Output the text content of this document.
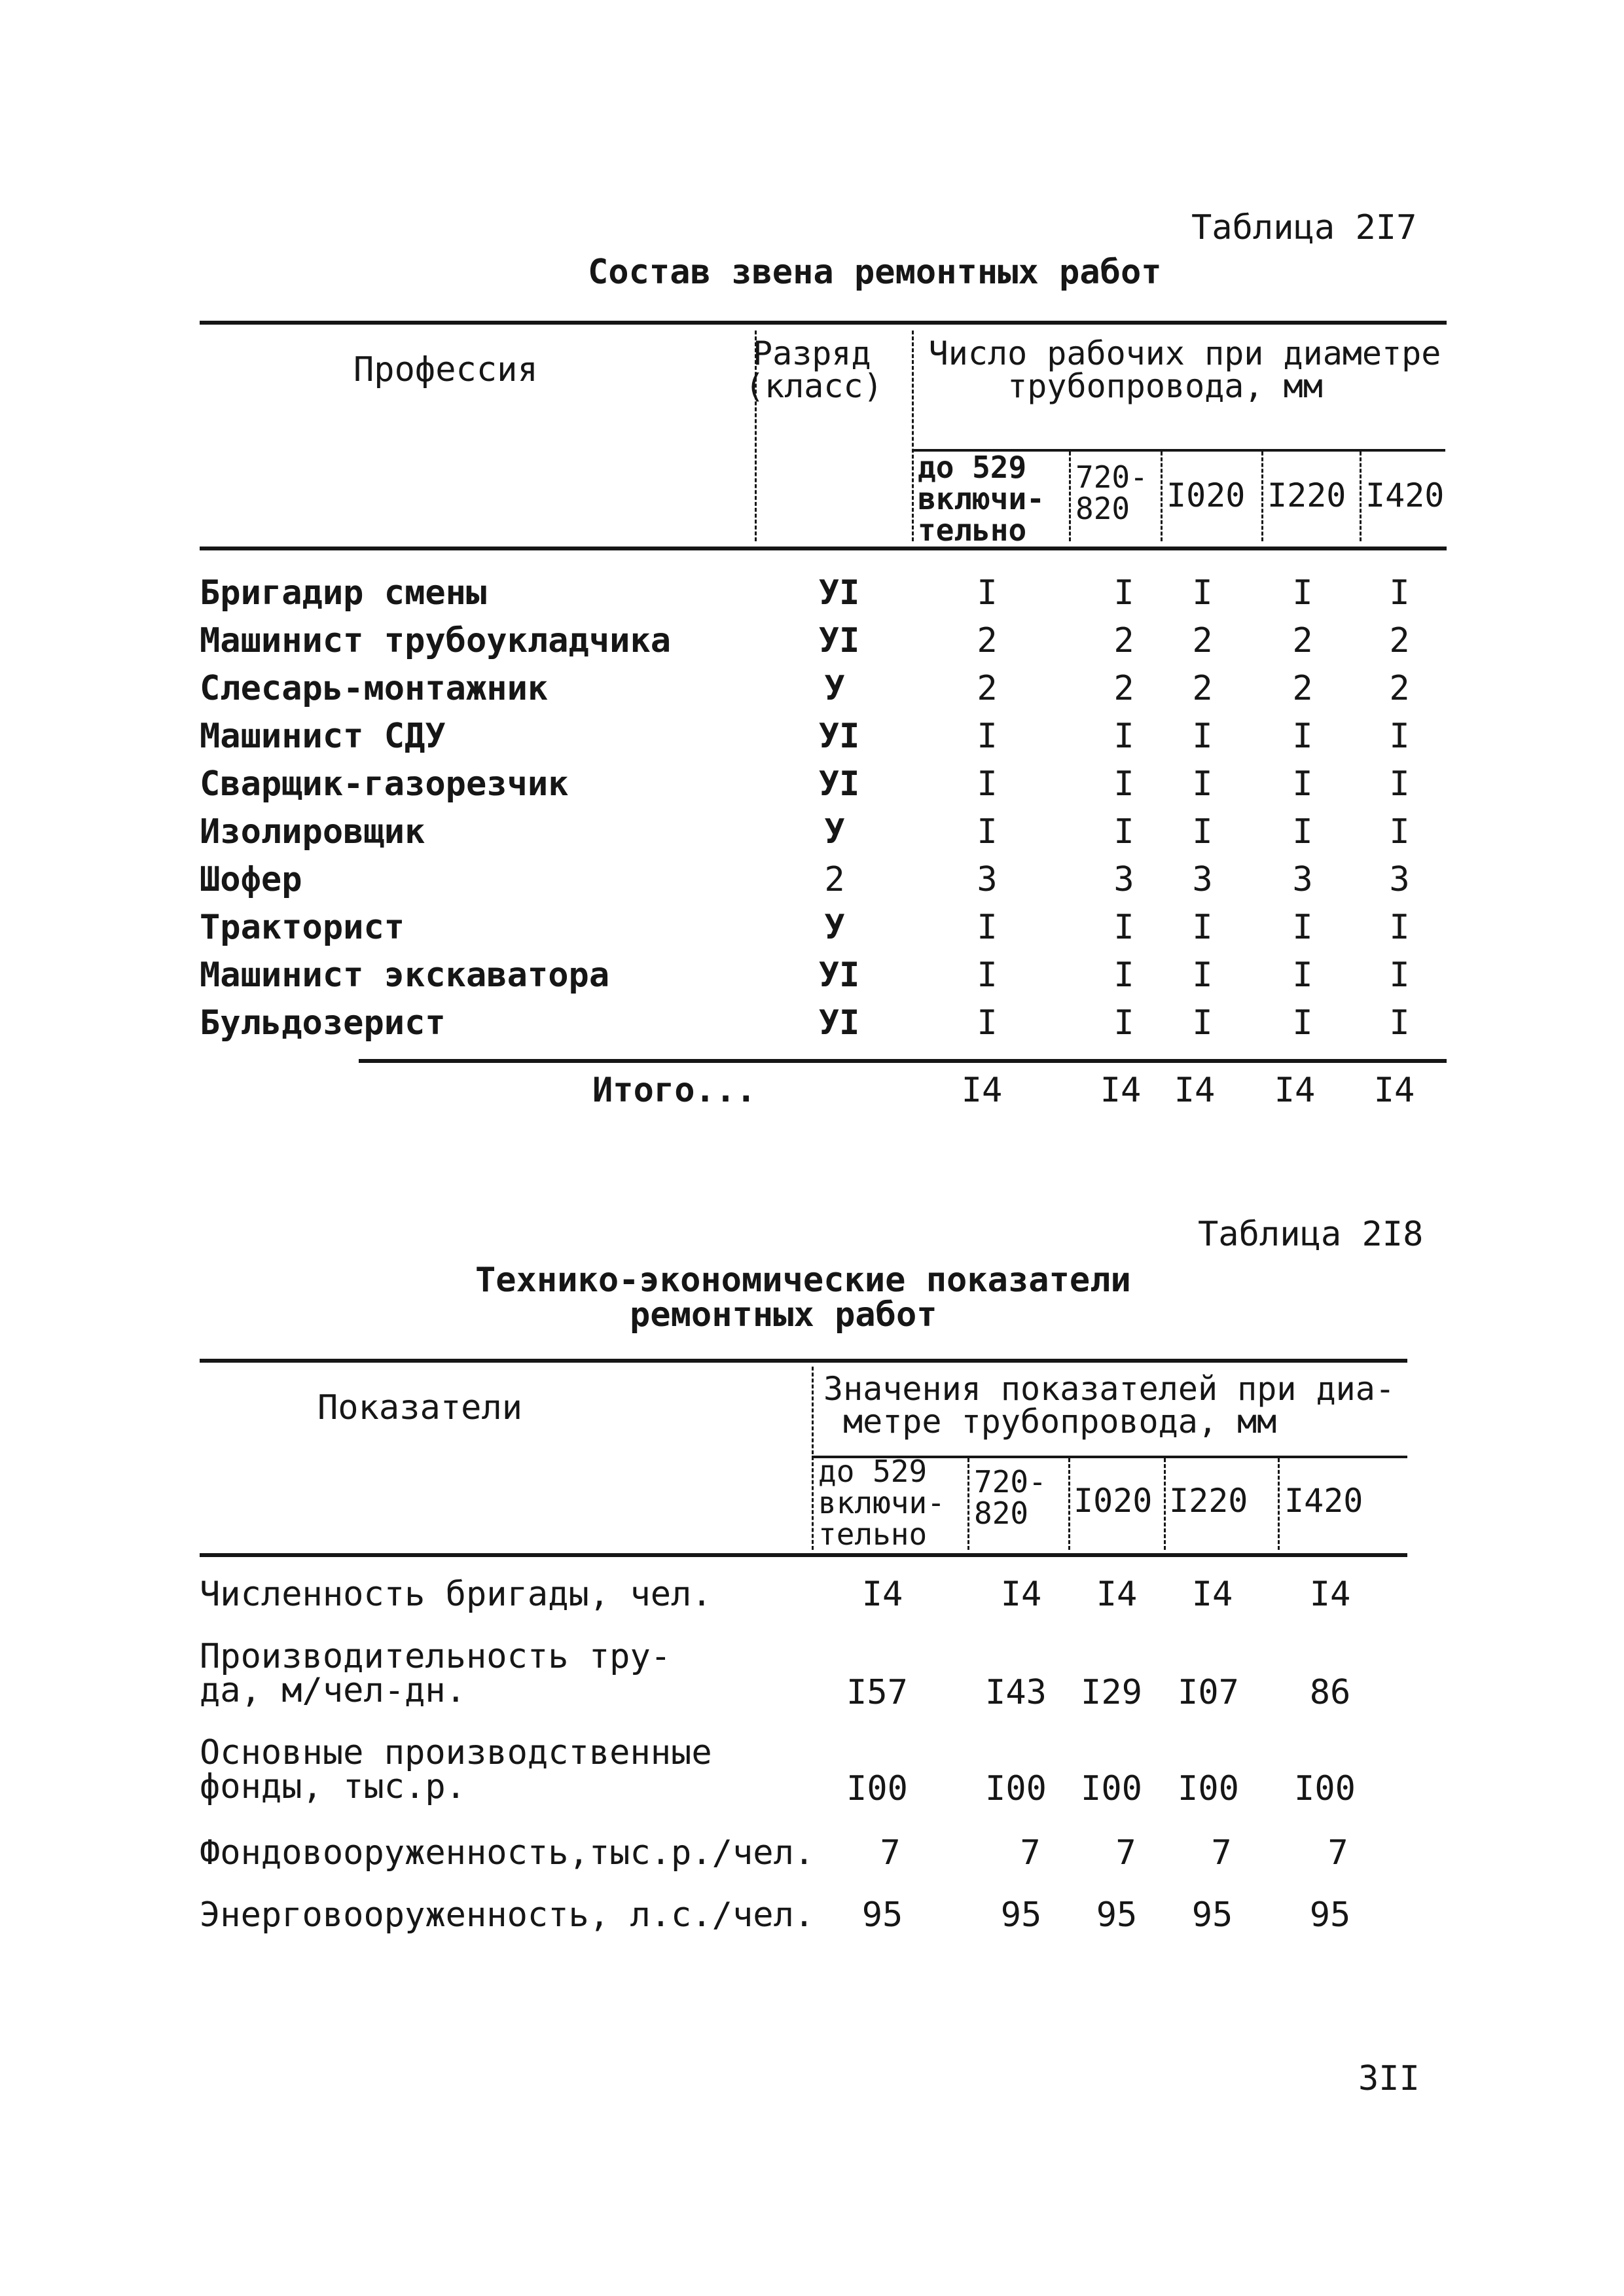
Таблица 2I7
Состав звена ремонтных работ
Профессия	Разряд
(класс)
Число рабочих при диаметре
трубопровода, мм
до 529
включи-
тельно
720-
820	I020 I220 I420
Бригадир смены	УI	I	I I I I
Машинист трубоукладчика	УI	2	2 2 2 2
Слесарь-монтажник	У	2	2 2 2 2
Машинист СДУ	УI	I	I I I I
Сварщик-газорезчик	УI	I	I I I I
Изолировщик	У	I	I I I I
Шофер	2	3	3 3 3 3
Тракторист	У	I	I I I I
Машинист экскаватора	УI	I	I I I I
Бульдозерист	УI	I	I I I I
Итого...	I4	I4 I4 I4 I4
Таблица 2I8
Технико-экономические показатели
ремонтных работ
Показатели	Значения показателей при диа-
метре трубопровода, мм
до 529
включи-
тельно
720-
820	I020 I220 I420
Численность бригады, чел.	I4	I4 I4 I4 I4
Производительность тру-
да, м/чел-дн.	I57 I43 I29 I07 86
Основные производственные
фонды, тыс.р.	I00 I00 I00 I00 I00
Фондовооруженность,тыс.р./чел. 7	7 7 7	7
Энерговооруженность, л.с./чел. 95	95 95 95 95
3II
